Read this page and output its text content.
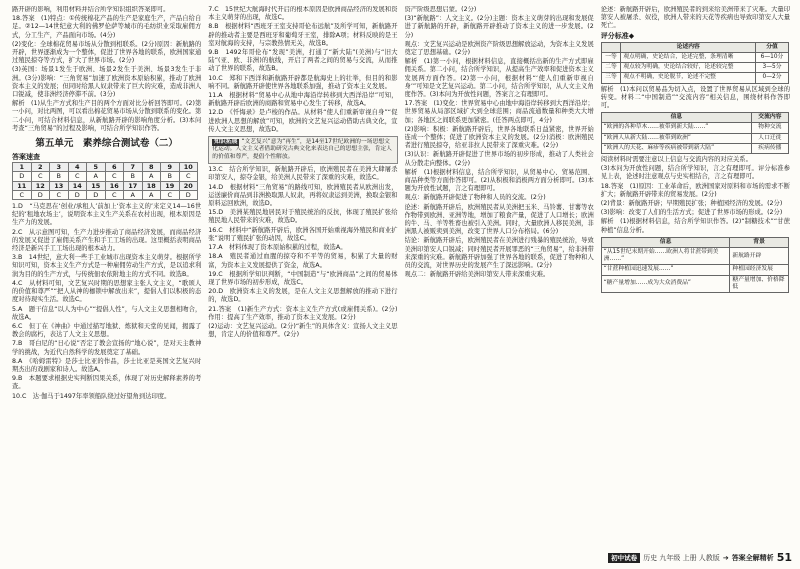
路开辟的影响，利用材料并结合所学知识组织答案即可。

18.答案　(1)特点：①传统棉花产品的生产是家庭生产，产品自给自足。②12—14世纪意大利的佛罗伦萨等城市的毛纺织业采取雇佣方式，分工生产，产品面向市场。(4分)

(2)变化：全球棉花贸易市场从分散到相联系。(2分)原因：新航路的开辟，世界逐渐成为一个整体，促进了世界各地的联系，欧洲国家通过殖民掠夺等方式，扩大了世界市场。(2分)

(3)英国：场景1发生于欧洲、场景2发生于美洲、场景3发生于非洲。(3分)影响：“三角贸易”加速了欧洲资本原始积累，推动了欧洲资本主义的发展；但同时给黑人奴隶带来了巨大的灾难，造成非洲人口锐减，使非洲经济停滞不前。(3分)

解析　(1)从生产方式和生产目的两个方面对比分析回答即可。(2)第一小问，对比两图，可以看出棉花贸易市场从分散到联系的变化。第二小问，可结合材料信息，从新航路开辟的影响角度分析。(3)本问考查“三角贸易”的过程及影响，可结合所学知识作答。

第五单元　素养综合测试卷（二）
答案速查
1	2	3	4	5	6	7	8	9	10
D	C	B	C	A	C	B	A	B	C
11	12	13	14	15	16	17	18	19	20
C	D	C	D	D	C	A	A	C	D

1.D　“马克思在‘创业/承租人’前加上‘资本主义的’来定义14—16世纪的‘租地农场主’，说明资本主义生产关系在农村出现，根本原因是生产力的发展。

2.C　从示意图可知，生产力进步推动了商品经济发展，而商品经济的发展又促进了雇佣关系产生和手工工场的出现。这里概括表明商品经济是新兴手工工场出现的根本动力。

3.B　14世纪，意大利一些手工业城市出现资本主义萌芽。根据所学知识可知，资本主义生产方式是一种雇佣劳动生产方式，是以追求利润为目的的生产方式，与传统佃农依附地主的方式不同。故选B。

4.C　从材料可知，文艺复兴时期的思想家主张人文主义，“歌颂人的价值和尊严”“把人从神的枷锁中解放出来”，提倡人们以积极的态度对待现实生活。故选C。

5.A　题干信息“以人为中心”“提倡人性”，与人文主义思想相吻合，故选A。

6.C　但丁在《神曲》中通过描写地狱、炼狱和天堂的见闻，揭露了教会的腐朽，表达了人文主义思想。

7.B　哥白尼的“日心说”否定了教会宣扬的“地心说”，是对天主教神学的挑战，为近代自然科学的发展奠定了基础。

8.A　《哈姆雷特》是莎士比亚的作品，莎士比亚是英国文艺复兴时期杰出的戏剧家和诗人。故选A。

9.B　本题要求根据史实判断因果关系，体现了对历史解释素养的考查。

10.C　达·伽马于1497年率领船队绕过好望角到达印度。

7.C　15世纪大航海时代开启的根本原因是欧洲商品经济的发展和资本主义萌芽的出现，故选C。

8.B　根据材料“西班牙王室支持哥伦布远航”及所学可知，新航路开辟的推动者主要是西班牙和葡萄牙王室，排除A项；材料反映的是王室对航海的支持，与宗教热情无关，故选B。

9.B　1492年哥伦布“发现”美洲，打通了“新大陆”(美洲)与“旧大陆”(亚、欧、非洲)的航线，开启了两者之间的贸易与交流，从而推动了世界的联系，故选B。

10.C　郑和下西洋和新航路开辟都是航海史上的壮举，但目的和影响不同。新航路开辟使世界各地联系加强，推动了资本主义发展。

11.A　根据材料“贸易中心从地中海沿岸转移到大西洋沿岸”可知，新航路开辟后欧洲的商路和贸易中心发生了转移，故选A。

12.D　《忏悔录》是卢梭的作品。从材料“使人们重新审视自身”“促进欧洲人思想的解放”可知，欧洲的文艺复兴运动借助古典文化，宣传人文主义思想，故选D。

知识拓展 “文艺复兴”意为“再生”，是14至17世纪欧洲的一场思想文化运动。人文主义者借助研究古典文化来表达自己的思想主张，肯定人的价值和尊严，提倡个性解放。

13.C　结合所学知识，新航路开辟后，欧洲殖民者在美洲大肆屠杀印第安人，掠夺金银，给美洲人民带来了深重的灾难，故选C。

14.D　根据材料“三角贸易”的路线可知，欧洲殖民者从欧洲出发，运送廉价商品到非洲换取黑人奴隶，再将奴隶运到美洲，换取金银和原料运回欧洲，故选D。

15.D　美洲某殖民地居民对于殖民统治的反抗，体现了殖民扩张给殖民地人民带来的灾难，故选D。

16.C　材料中“新航路开辟后，欧洲各国开始重视海外殖民和商业扩张”说明了殖民扩张的动因，故选C。

17.A　材料体现了资本原始积累的过程，故选A。

18.A　殖民者通过血腥的掠夺和不平等的贸易，积累了大量的财富，为资本主义发展提供了资金，故选A。

19.C　根据所学知识判断，“中国制造”与“欧洲商品”之间的贸易体现了世界市场的初步形成，故选C。

20.D　欧洲资本主义的发展，是在人文主义思想解放的推动下进行的，故选D。

21.答案　(1)新生产方式：资本主义生产方式(或雇佣关系)。(2分)作用：提高了生产效率，推动了资本主义发展。(2分)

(2)运动：文艺复兴运动。(2分)“新生”的具体含义：宣扬人文主义思想，肯定人的价值和尊严。(2分)

资产阶级思想启蒙。(2分)

(3)“新航路”：人文主义。(2分)主题：资本主义萌芽的出现和发展促进了新航路的开辟，新航路开辟推动了资本主义的进一步发展。(2分)

观点：文艺复兴运动是欧洲资产阶级思想解放运动，为资本主义发展奠定了思想基础。(2分)

解析　(1)第一小问，根据材料信息，直接概括出新的生产方式即雇佣关系。第二小问，结合所学知识，从提高生产效率和促进资本主义发展两方面作答。(2)第一小问，根据材料“‘使人们重新审视自身’”可知是文艺复兴运动。第二小问，结合所学知识，从人文主义角度作答。(3)本问为开放性问题，答案言之有理即可。

17.答案　(1)变化：世界贸易中心由地中海沿岸转移到大西洋沿岸；世界贸易从局部区域扩大到全球范围；商品流通数量和种类大大增加；各地区之间联系更加紧密。(任答两点即可，4分)

(2)影响：积极：新航路开辟后，世界各地联系日益紧密，世界开始连成一个整体；促进了欧洲资本主义的发展。(2分)消极：欧洲殖民者进行殖民掠夺，给亚非拉人民带来了深重灾难。(2分)

(3)认识：新航路开辟促进了世界市场的初步形成，推动了人类社会从分散走向整体。(2分)

解析　(1)根据材料信息，结合所学知识，从贸易中心、贸易范围、商品种类等方面作答即可。(2)从积极和消极两方面分析即可。(3)本题为开放性试题，言之有理即可。

观点：新航路开辟促进了物种和人员的交流。(2分)

论述：新航路开辟后，欧洲殖民者从美洲把玉米、马铃薯、甘薯等农作物带到欧洲、亚洲等地，增加了粮食产量，促进了人口增长；欧洲的牛、马、羊等牲畜也被引入美洲。同时，大量欧洲人移民美洲，非洲黑人被贩卖到美洲，改变了世界人口分布格局。(6分)

结论：新航路开辟后，欧洲殖民者在美洲进行残暴的殖民统治，导致美洲印第安人口锐减；同时殖民者开展罪恶的“三角贸易”，给非洲带来深重的灾难。新航路开辟加强了世界各地的联系，促进了物种和人员的交流，对世界历史的发展产生了深远影响。(2分)

观点二：新航路开辟给美洲印第安人带来深重灾难。

论述：新航路开辟后，欧洲殖民者的到来给美洲带来了灾难。大量印第安人被屠杀、奴役，欧洲人带来的天花等疾病也导致印第安人大量死亡。

评分标准◆
	论述内容	分值
一等	观点明确，史论结合，论述完整，条理清晰	6—10分
二等	观点较为明确，史论结合较好，论述较完整	3—5分
三等	观点不明确，史论脱节，论述不完整	0—2分

解析　(1)本问以贸易品为切入点，设置了世界贸易从区域到全球的转变。材料二“中国制造”“交流内容”相关信息，围绕材料作答即可。

信息	交流内容
“欧洲的各种草木……被带到新大陆……”	物种交流
“欧洲人从新大陆……被带到欧洲”	人口迁徙
“欧洲人的天花、麻疹等疾病被带到新大陆”	疾病传播

阅读材料时需要注意以上信息与交流内容的对应关系。

(3)本问为开放性问题，结合所学知识，言之有理即可。评分标准参见上表，论述时注意观点与史实相结合，言之有理即可。

18.答案　(1)原因：工业革命后，欧洲国家对原料和市场的需求不断扩大；新航路开辟带来的贸易发展。(2分)

(2)背景：新航路开辟；早期殖民扩张；种植园经济的发展。(2分)

(3)影响：改变了人们的生活方式；促进了世界市场的形成。(2分)

解析　(1)根据材料信息，结合所学知识作答。(2)“制糖技术”“甘蔗种植”信息分析。

信息	背景
“从15世纪末期开始……欧洲人将甘蔗带到美洲……”	新航路开辟
“甘蔗种植园迅速发展……”	种植园经济发展
“糖产量增加……成为大众消费品”	糖产量增加、价格降低
初中试卷 历史 九年级 上册 人教版 ➔ 答案全解精析 51
